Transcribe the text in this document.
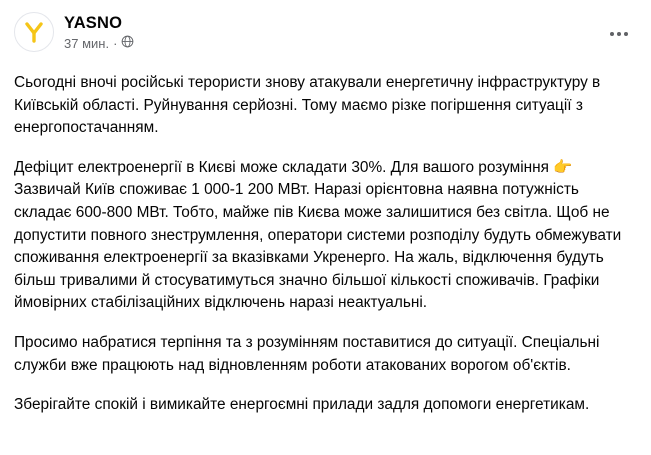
YASNO
37 мин. ·

Сьогодні вночі російські терористи знову атакували енергетичну інфраструктуру в Київській області. Руйнування серйозні. Тому маємо різке погіршення ситуації з енергопостачанням.

Дефіцит електроенергії в Києві може складати 30%. Для вашого розуміння 👉 Зазвичай Київ споживає 1 000-1 200 МВт. Наразі орієнтовна наявна потужність складає 600-800 МВт. Тобто, майже пів Києва може залишитися без світла. Щоб не допустити повного знеструмлення, оператори системи розподілу будуть обмежувати споживання електроенергії за вказівками Укренерго. На жаль, відключення будуть більш тривалими й стосуватимуться значно більшої кількості споживачів. Графіки ймовірних стабілізаційних відключень наразі неактуальні.

Просимо набратися терпіння та з розумінням поставитися до ситуації. Спеціальні служби вже працюють над відновленням роботи атакованих ворогом об'єктів.

Зберігайте спокій і вимикайте енергоємні прилади задля допомоги енергетикам.
